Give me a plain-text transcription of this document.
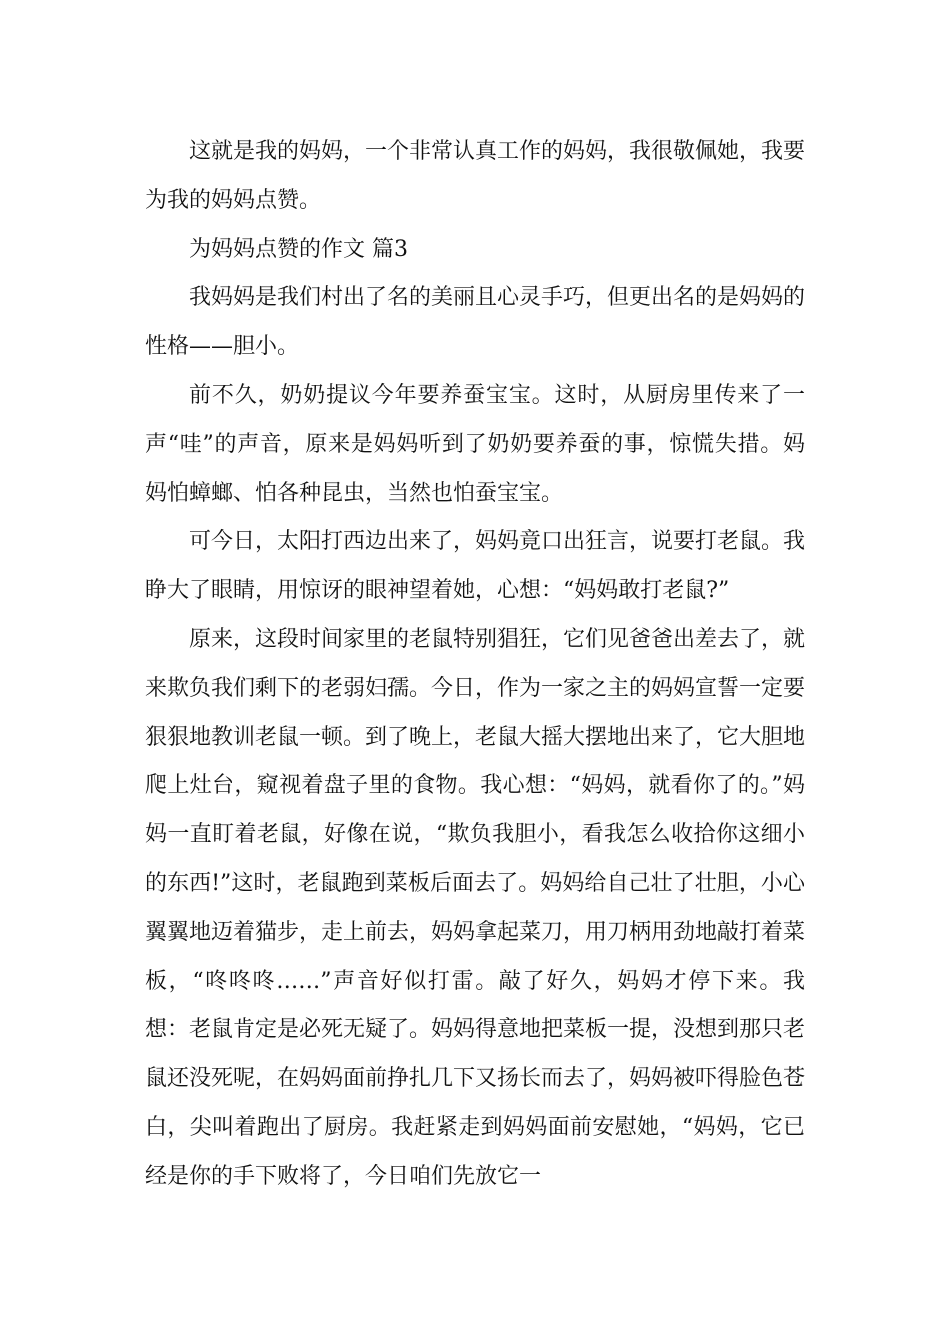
这就是我的妈妈，一个非常认真工作的妈妈，我很敬佩她，我要为我的妈妈点赞。

为妈妈点赞的作文 篇3

我妈妈是我们村出了名的美丽且心灵手巧，但更出名的是妈妈的性格——胆小。

前不久，奶奶提议今年要养蚕宝宝。这时，从厨房里传来了一声“哇”的声音，原来是妈妈听到了奶奶要养蚕的事，惊慌失措。妈妈怕蟑螂、怕各种昆虫，当然也怕蚕宝宝。

可今日，太阳打西边出来了，妈妈竟口出狂言，说要打老鼠。我睁大了眼睛，用惊讶的眼神望着她，心想：“妈妈敢打老鼠?”

原来，这段时间家里的老鼠特别猖狂，它们见爸爸出差去了，就来欺负我们剩下的老弱妇孺。今日，作为一家之主的妈妈宣誓一定要狠狠地教训老鼠一顿。到了晚上，老鼠大摇大摆地出来了，它大胆地爬上灶台，窥视着盘子里的食物。我心想：“妈妈，就看你了的。”妈妈一直盯着老鼠，好像在说，“欺负我胆小，看我怎么收拾你这细小的东西!”这时，老鼠跑到菜板后面去了。妈妈给自己壮了壮胆，小心翼翼地迈着猫步，走上前去，妈妈拿起菜刀，用刀柄用劲地敲打着菜板，“咚咚咚……”声音好似打雷。敲了好久，妈妈才停下来。我想：老鼠肯定是必死无疑了。妈妈得意地把菜板一提，没想到那只老鼠还没死呢，在妈妈面前挣扎几下又扬长而去了，妈妈被吓得脸色苍白，尖叫着跑出了厨房。我赶紧走到妈妈面前安慰她，“妈妈，它已经是你的手下败将了，今日咱们先放它一
